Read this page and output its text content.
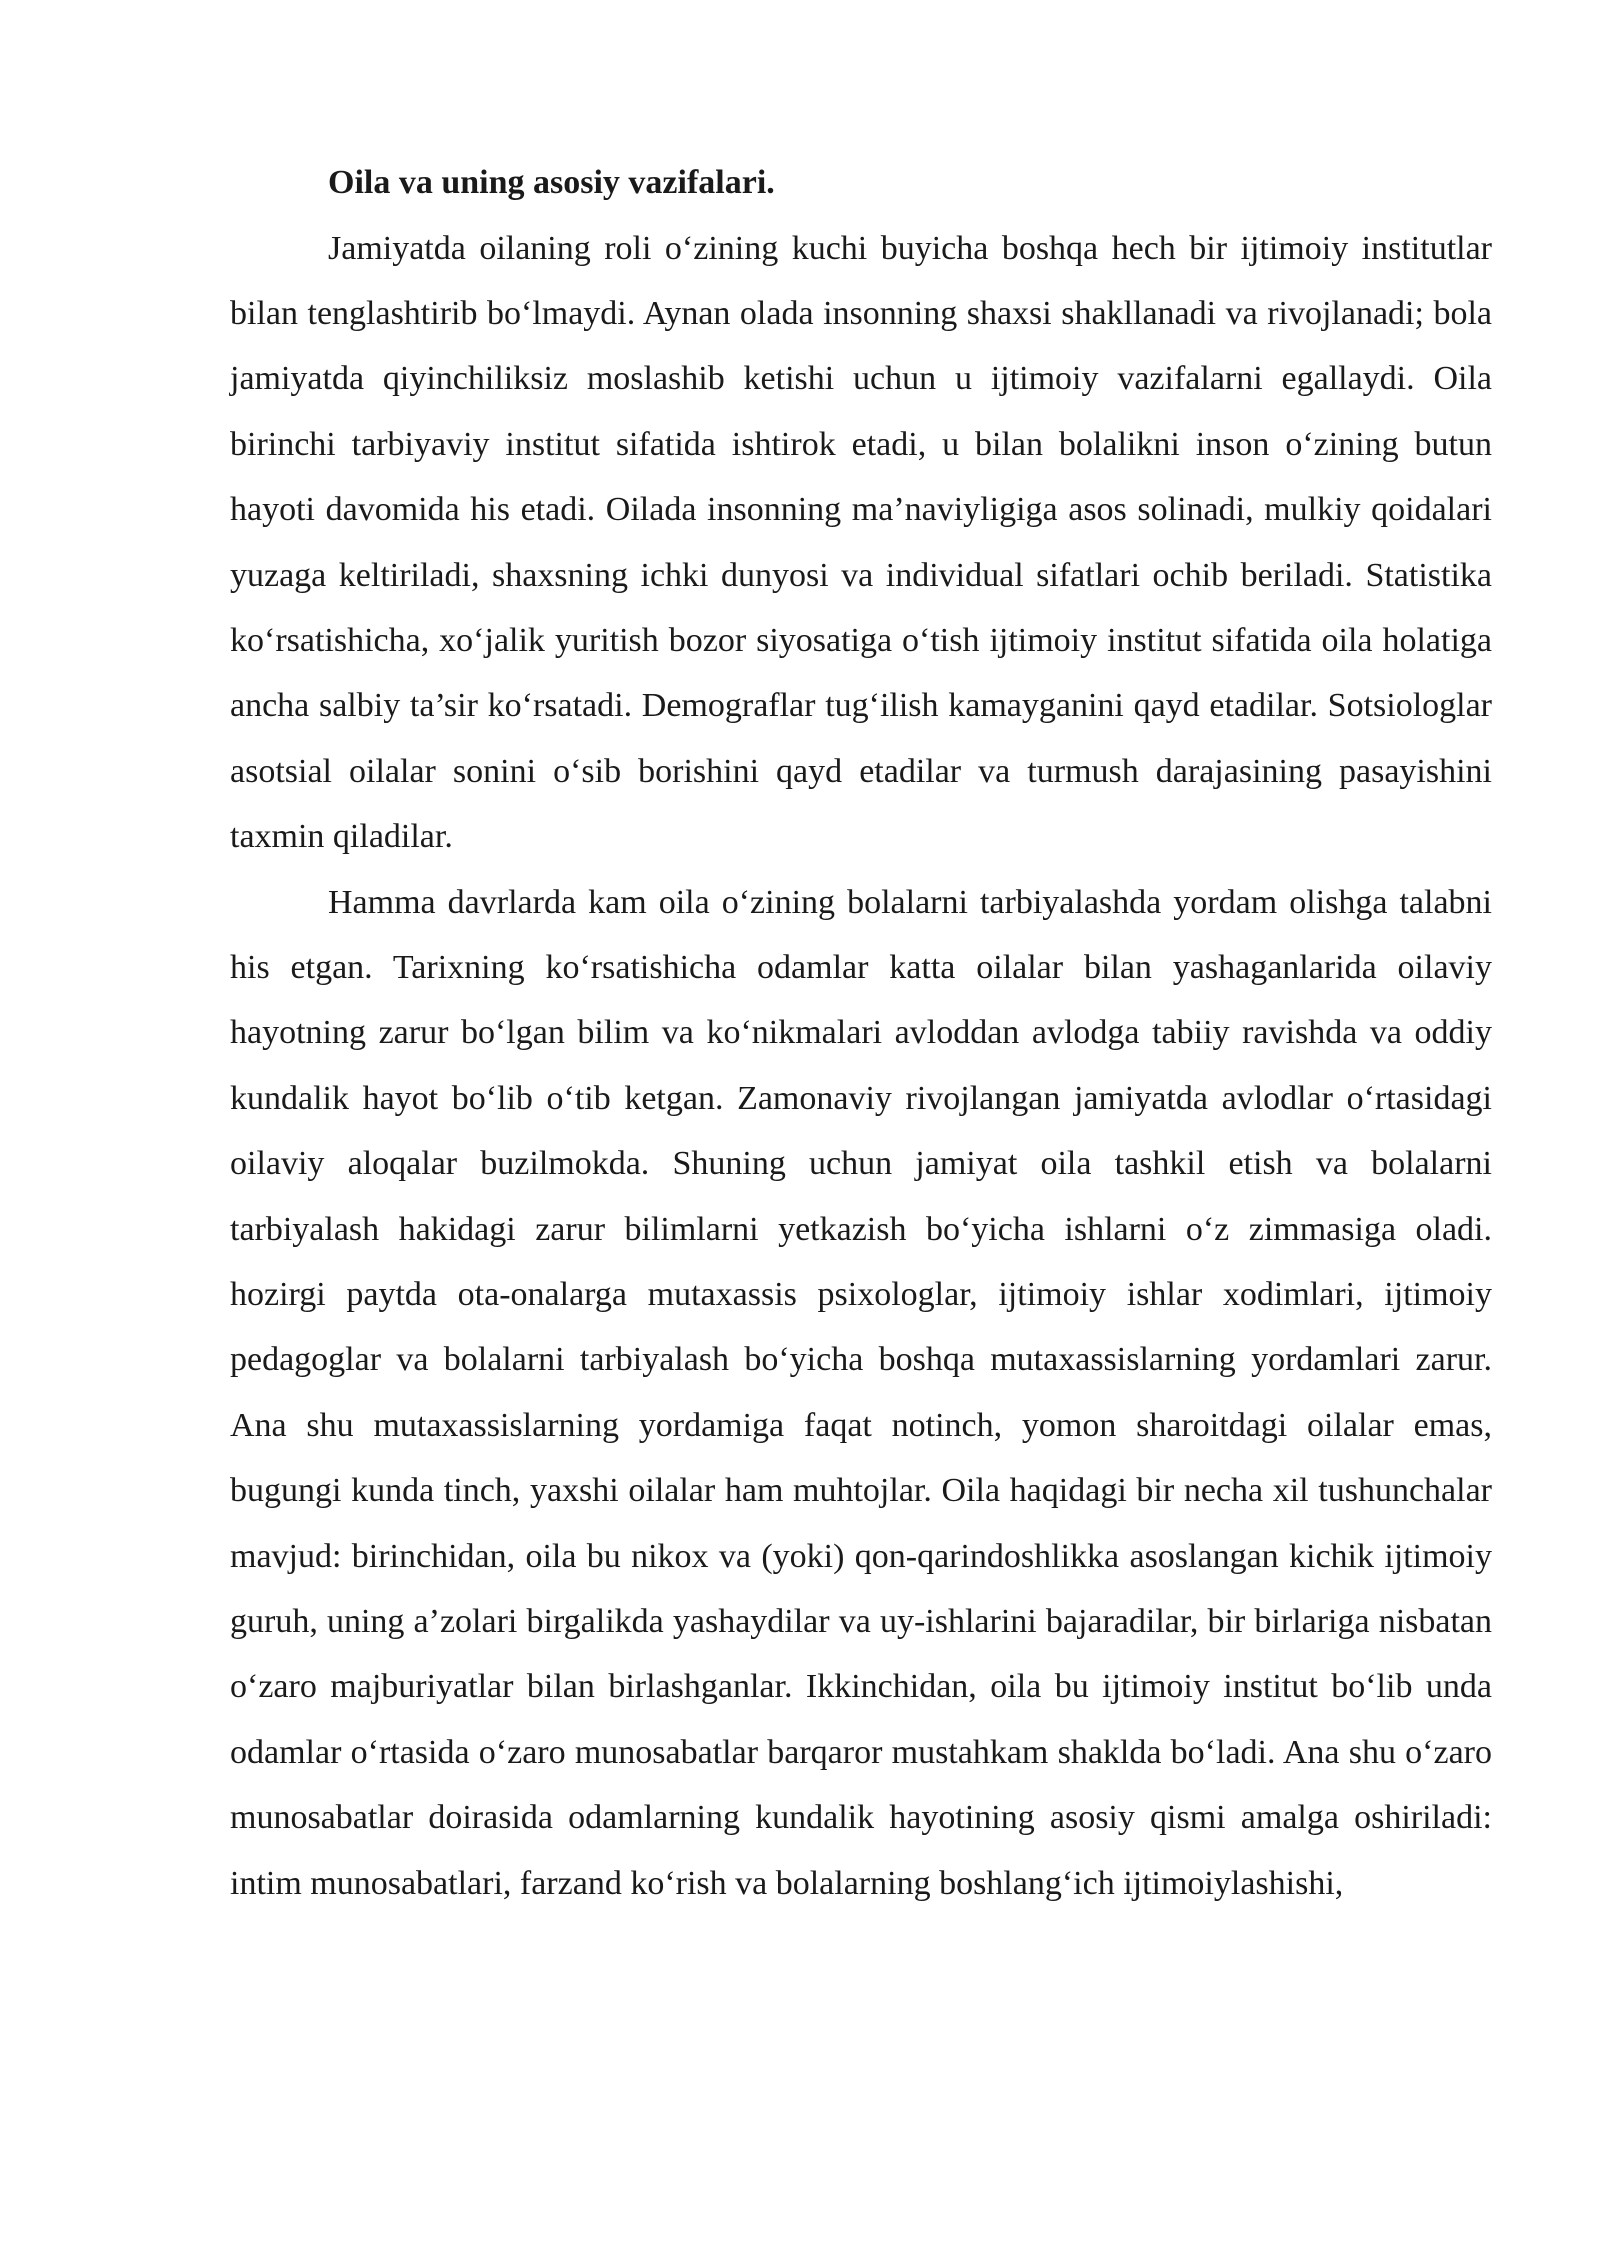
Oila va uning asosiy vazifalari.

Jamiyatda oilaning roli o‘zining kuchi buyicha boshqa hech bir ijtimoiy institutlar bilan tenglashtirib bo‘lmaydi. Aynan olada insonning shaxsi shakllanadi va rivojlanadi; bola jamiyatda qiyinchiliksiz moslashib ketishi uchun u ijtimoiy vazifalarni egallaydi. Oila birinchi tarbiyaviy institut sifatida ishtirok etadi, u bilan bolalikni inson o‘zining butun hayoti davomida his etadi. Oilada insonning ma’naviyligiga asos solinadi, mulkiy qoidalari yuzaga keltiriladi, shaxsning ichki dunyosi va individual sifatlari ochib beriladi. Statistika ko‘rsatishicha, xo‘jalik yuritish bozor siyosatiga o‘tish ijtimoiy institut sifatida oila holatiga ancha salbiy ta’sir ko‘rsatadi. Demograflar tug‘ilish kamayganini qayd etadilar. Sotsiologlar asotsial oilalar sonini o‘sib borishini qayd etadilar va turmush darajasining pasayishini taxmin qiladilar.

Hamma davrlarda kam oila o‘zining bolalarni tarbiyalashda yordam olishga talabni his etgan. Tarixning ko‘rsatishicha odamlar katta oilalar bilan yashaganlarida oilaviy hayotning zarur bo‘lgan bilim va ko‘nikmalari avloddan avlodga tabiiy ravishda va oddiy kundalik hayot bo‘lib o‘tib ketgan. Zamonaviy rivojlangan jamiyatda avlodlar o‘rtasidagi oilaviy aloqalar buzilmokda. Shuning uchun jamiyat oila tashkil etish va bolalarni tarbiyalash hakidagi zarur bilimlarni yetkazish bo‘yicha ishlarni o‘z zimmasiga oladi. hozirgi paytda ota-onalarga mutaxassis psixologlar, ijtimoiy ishlar xodimlari, ijtimoiy pedagoglar va bolalarni tarbiyalash bo‘yicha boshqa mutaxassislarning yordamlari zarur. Ana shu mutaxassislarning yordamiga faqat notinch, yomon sharoitdagi oilalar emas, bugungi kunda tinch, yaxshi oilalar ham muhtojlar. Oila haqidagi bir necha xil tushunchalar mavjud: birinchidan, oila bu nikox va (yoki) qon-qarindoshlikka asoslangan kichik ijtimoiy guruh, uning a’zolari birgalikda yashaydilar va uy-ishlarini bajaradilar, bir birlariga nisbatan o‘zaro majburiyatlar bilan birlashganlar. Ikkinchidan, oila bu ijtimoiy institut bo‘lib unda odamlar o‘rtasida o‘zaro munosabatlar barqaror mustahkam shaklda bo‘ladi. Ana shu o‘zaro munosabatlar doirasida odamlarning kundalik hayotining asosiy qismi amalga oshiriladi: intim munosabatlari, farzand ko‘rish va bolalarning boshlang‘ich ijtimoiylashishi,
